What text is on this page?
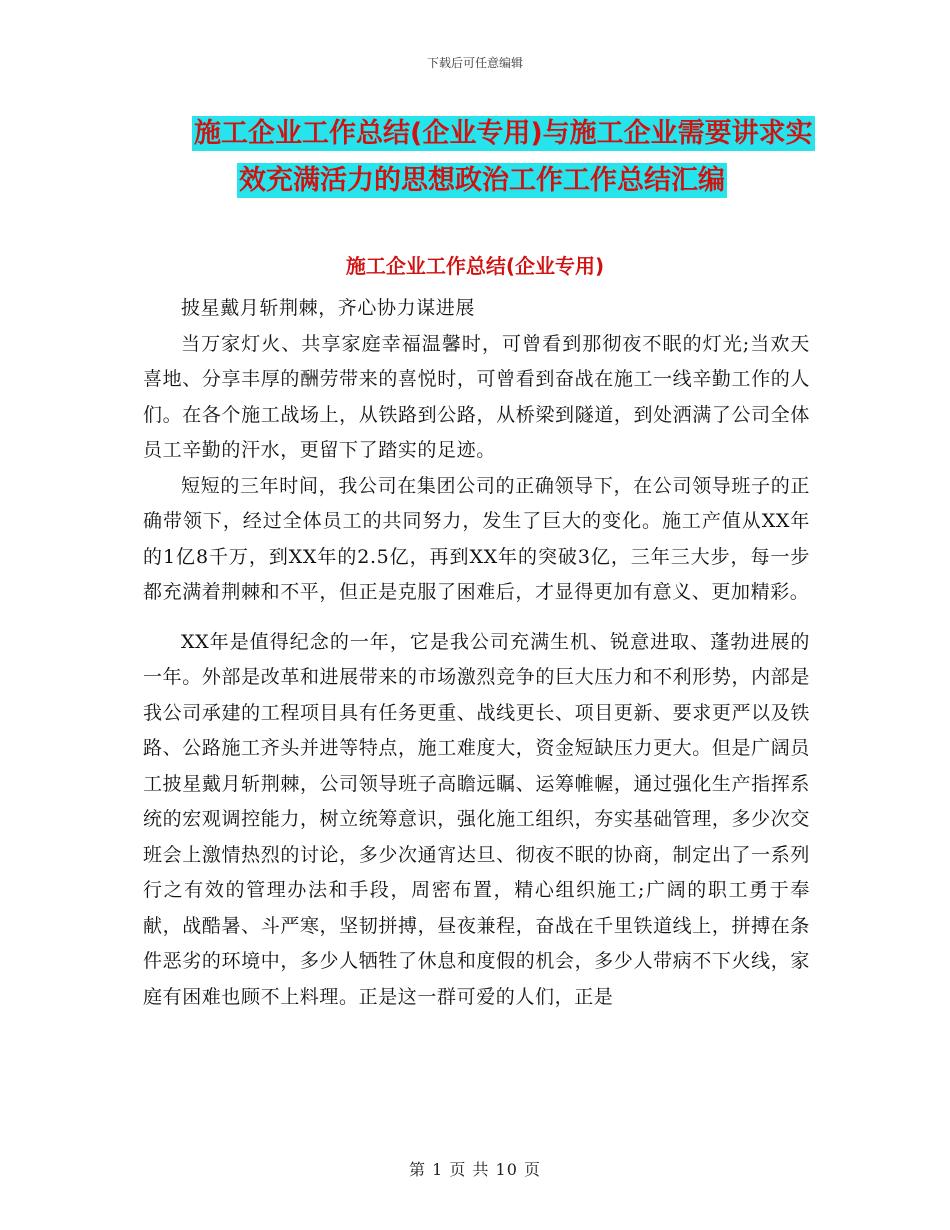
下载后可任意编辑
施工企业工作总结(企业专用)与施工企业需要讲求实
效充满活力的思想政治工作工作总结汇编
施工企业工作总结(企业专用)

披星戴月斩荆棘，齐心协力谋进展

当万家灯火、共享家庭幸福温馨时，可曾看到那彻夜不眠的灯光;当欢天喜地、分享丰厚的酬劳带来的喜悦时，可曾看到奋战在施工一线辛勤工作的人们。在各个施工战场上，从铁路到公路，从桥梁到隧道，到处洒满了公司全体员工辛勤的汗水，更留下了踏实的足迹。

短短的三年时间，我公司在集团公司的正确领导下，在公司领导班子的正确带领下，经过全体员工的共同努力，发生了巨大的变化。施工产值从XX年的1亿8千万，到XX年的2.5亿，再到XX年的突破3亿，三年三大步，每一步都充满着荆棘和不平，但正是克服了困难后，才显得更加有意义、更加精彩。

XX年是值得纪念的一年，它是我公司充满生机、锐意进取、蓬勃进展的一年。外部是改革和进展带来的市场激烈竞争的巨大压力和不利形势，内部是我公司承建的工程项目具有任务更重、战线更长、项目更新、要求更严以及铁路、公路施工齐头并进等特点，施工难度大，资金短缺压力更大。但是广阔员工披星戴月斩荆棘，公司领导班子高瞻远瞩、运筹帷幄，通过强化生产指挥系统的宏观调控能力，树立统筹意识，强化施工组织，夯实基础管理，多少次交班会上激情热烈的讨论，多少次通宵达旦、彻夜不眠的协商，制定出了一系列行之有效的管理办法和手段，周密布置，精心组织施工;广阔的职工勇于奉献，战酷暑、斗严寒，坚韧拼搏，昼夜兼程，奋战在千里铁道线上，拼搏在条件恶劣的环境中，多少人牺牲了休息和度假的机会，多少人带病不下火线，家庭有困难也顾不上料理。正是这一群可爱的人们，正是

第 1 页 共 10 页
